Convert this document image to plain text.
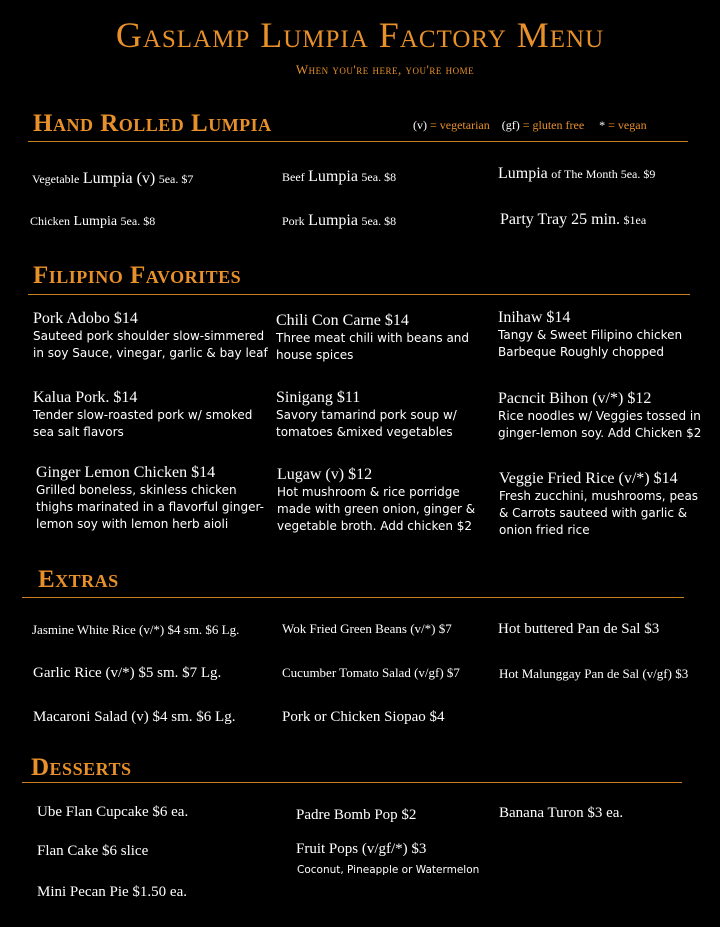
Gaslamp Lumpia Factory Menu
When you're here, you're home
Hand Rolled Lumpia	(v) = vegetarian (gf) = gluten free * = vegan
Vegetable Lumpia (v) 5ea. $7	Beef Lumpia 5ea. $8	Lumpia of The Month 5ea. $9
Chicken Lumpia 5ea. $8	Pork Lumpia 5ea. $8	Party Tray 25 min. $1ea
Filipino Favorites
Pork Adobo $14
Sauteed pork shoulder slow-simmered in soy Sauce, vinegar, garlic & bay leaf
Chili Con Carne $14
Three meat chili with beans and house spices
Inihaw $14
Tangy & Sweet Filipino chicken Barbeque Roughly chopped
Kalua Pork. $14
Tender slow-roasted pork w/ smoked sea salt flavors
Sinigang $11
Savory tamarind pork soup w/ tomatoes &mixed vegetables
Pacncit Bihon (v/*) $12
Rice noodles w/ Veggies tossed in ginger-lemon soy. Add Chicken $2
Ginger Lemon Chicken $14
Grilled boneless, skinless chicken thighs marinated in a flavorful ginger-lemon soy with lemon herb aioli
Lugaw (v) $12
Hot mushroom & rice porridge made with green onion, ginger & vegetable broth. Add chicken $2
Veggie Fried Rice (v/*) $14
Fresh zucchini, mushrooms, peas & Carrots sauteed with garlic & onion fried rice
Extras
Jasmine White Rice (v/*) $4 sm. $6 Lg.	Wok Fried Green Beans (v/*) $7	Hot buttered Pan de Sal $3
Garlic Rice (v/*) $5 sm. $7 Lg.	Cucumber Tomato Salad (v/gf) $7	Hot Malunggay Pan de Sal (v/gf) $3
Macaroni Salad (v) $4 sm. $6 Lg.	Pork or Chicken Siopao $4
Desserts
Ube Flan Cupcake $6 ea.	Padre Bomb Pop $2	Banana Turon $3 ea.
Flan Cake $6 slice	Fruit Pops (v/gf/*) $3
Coconut, Pineapple or Watermelon
Mini Pecan Pie $1.50 ea.
